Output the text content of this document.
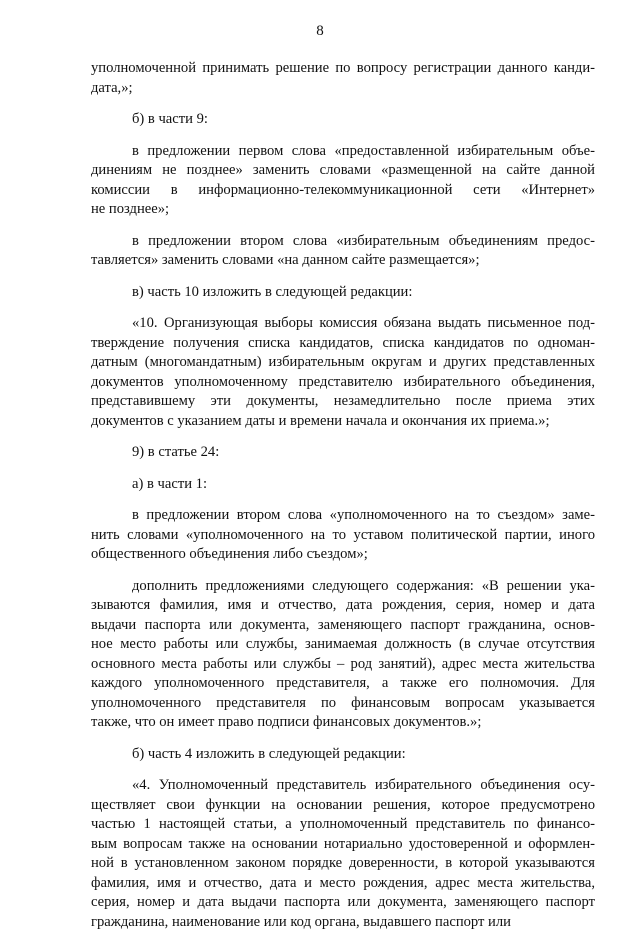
8
уполномоченной принимать решение по вопросу регистрации данного канди-
дата,»;
б) в части 9:
в предложении первом слова «предоставленной избирательным объе-
динениям не позднее» заменить словами «размещенной на сайте данной
комиссии в информационно-телекоммуникационной сети «Интернет»
не позднее»;
в предложении втором слова «избирательным объединениям предос-
тавляется» заменить словами «на данном сайте размещается»;
в) часть 10 изложить в следующей редакции:
«10. Организующая выборы комиссия обязана выдать письменное под-
тверждение получения списка кандидатов, списка кандидатов по одноман-
датным (многомандатным) избирательным округам и других представленных
документов уполномоченному представителю избирательного объединения,
представившему эти документы, незамедлительно после приема этих
документов с указанием даты и времени начала и окончания их приема.»;
9) в статье 24:
а) в части 1:
в предложении втором слова «уполномоченного на то съездом» заме-
нить словами «уполномоченного на то уставом политической партии, иного
общественного объединения либо съездом»;
дополнить предложениями следующего содержания: «В решении ука-
зываются фамилия, имя и отчество, дата рождения, серия, номер и дата
выдачи паспорта или документа, заменяющего паспорт гражданина, основ-
ное место работы или службы, занимаемая должность (в случае отсутствия
основного места работы или службы – род занятий), адрес места жительства
каждого уполномоченного представителя, а также его полномочия. Для
уполномоченного представителя по финансовым вопросам указывается
также, что он имеет право подписи финансовых документов.»;
б) часть 4 изложить в следующей редакции:
«4. Уполномоченный представитель избирательного объединения осу-
ществляет свои функции на основании решения, которое предусмотрено
частью 1 настоящей статьи, а уполномоченный представитель по финансо-
вым вопросам также на основании нотариально удостоверенной и оформлен-
ной в установленном законом порядке доверенности, в которой указываются
фамилия, имя и отчество, дата и место рождения, адрес места жительства,
серия, номер и дата выдачи паспорта или документа, заменяющего паспорт
гражданина, наименование или код органа, выдавшего паспорт или
